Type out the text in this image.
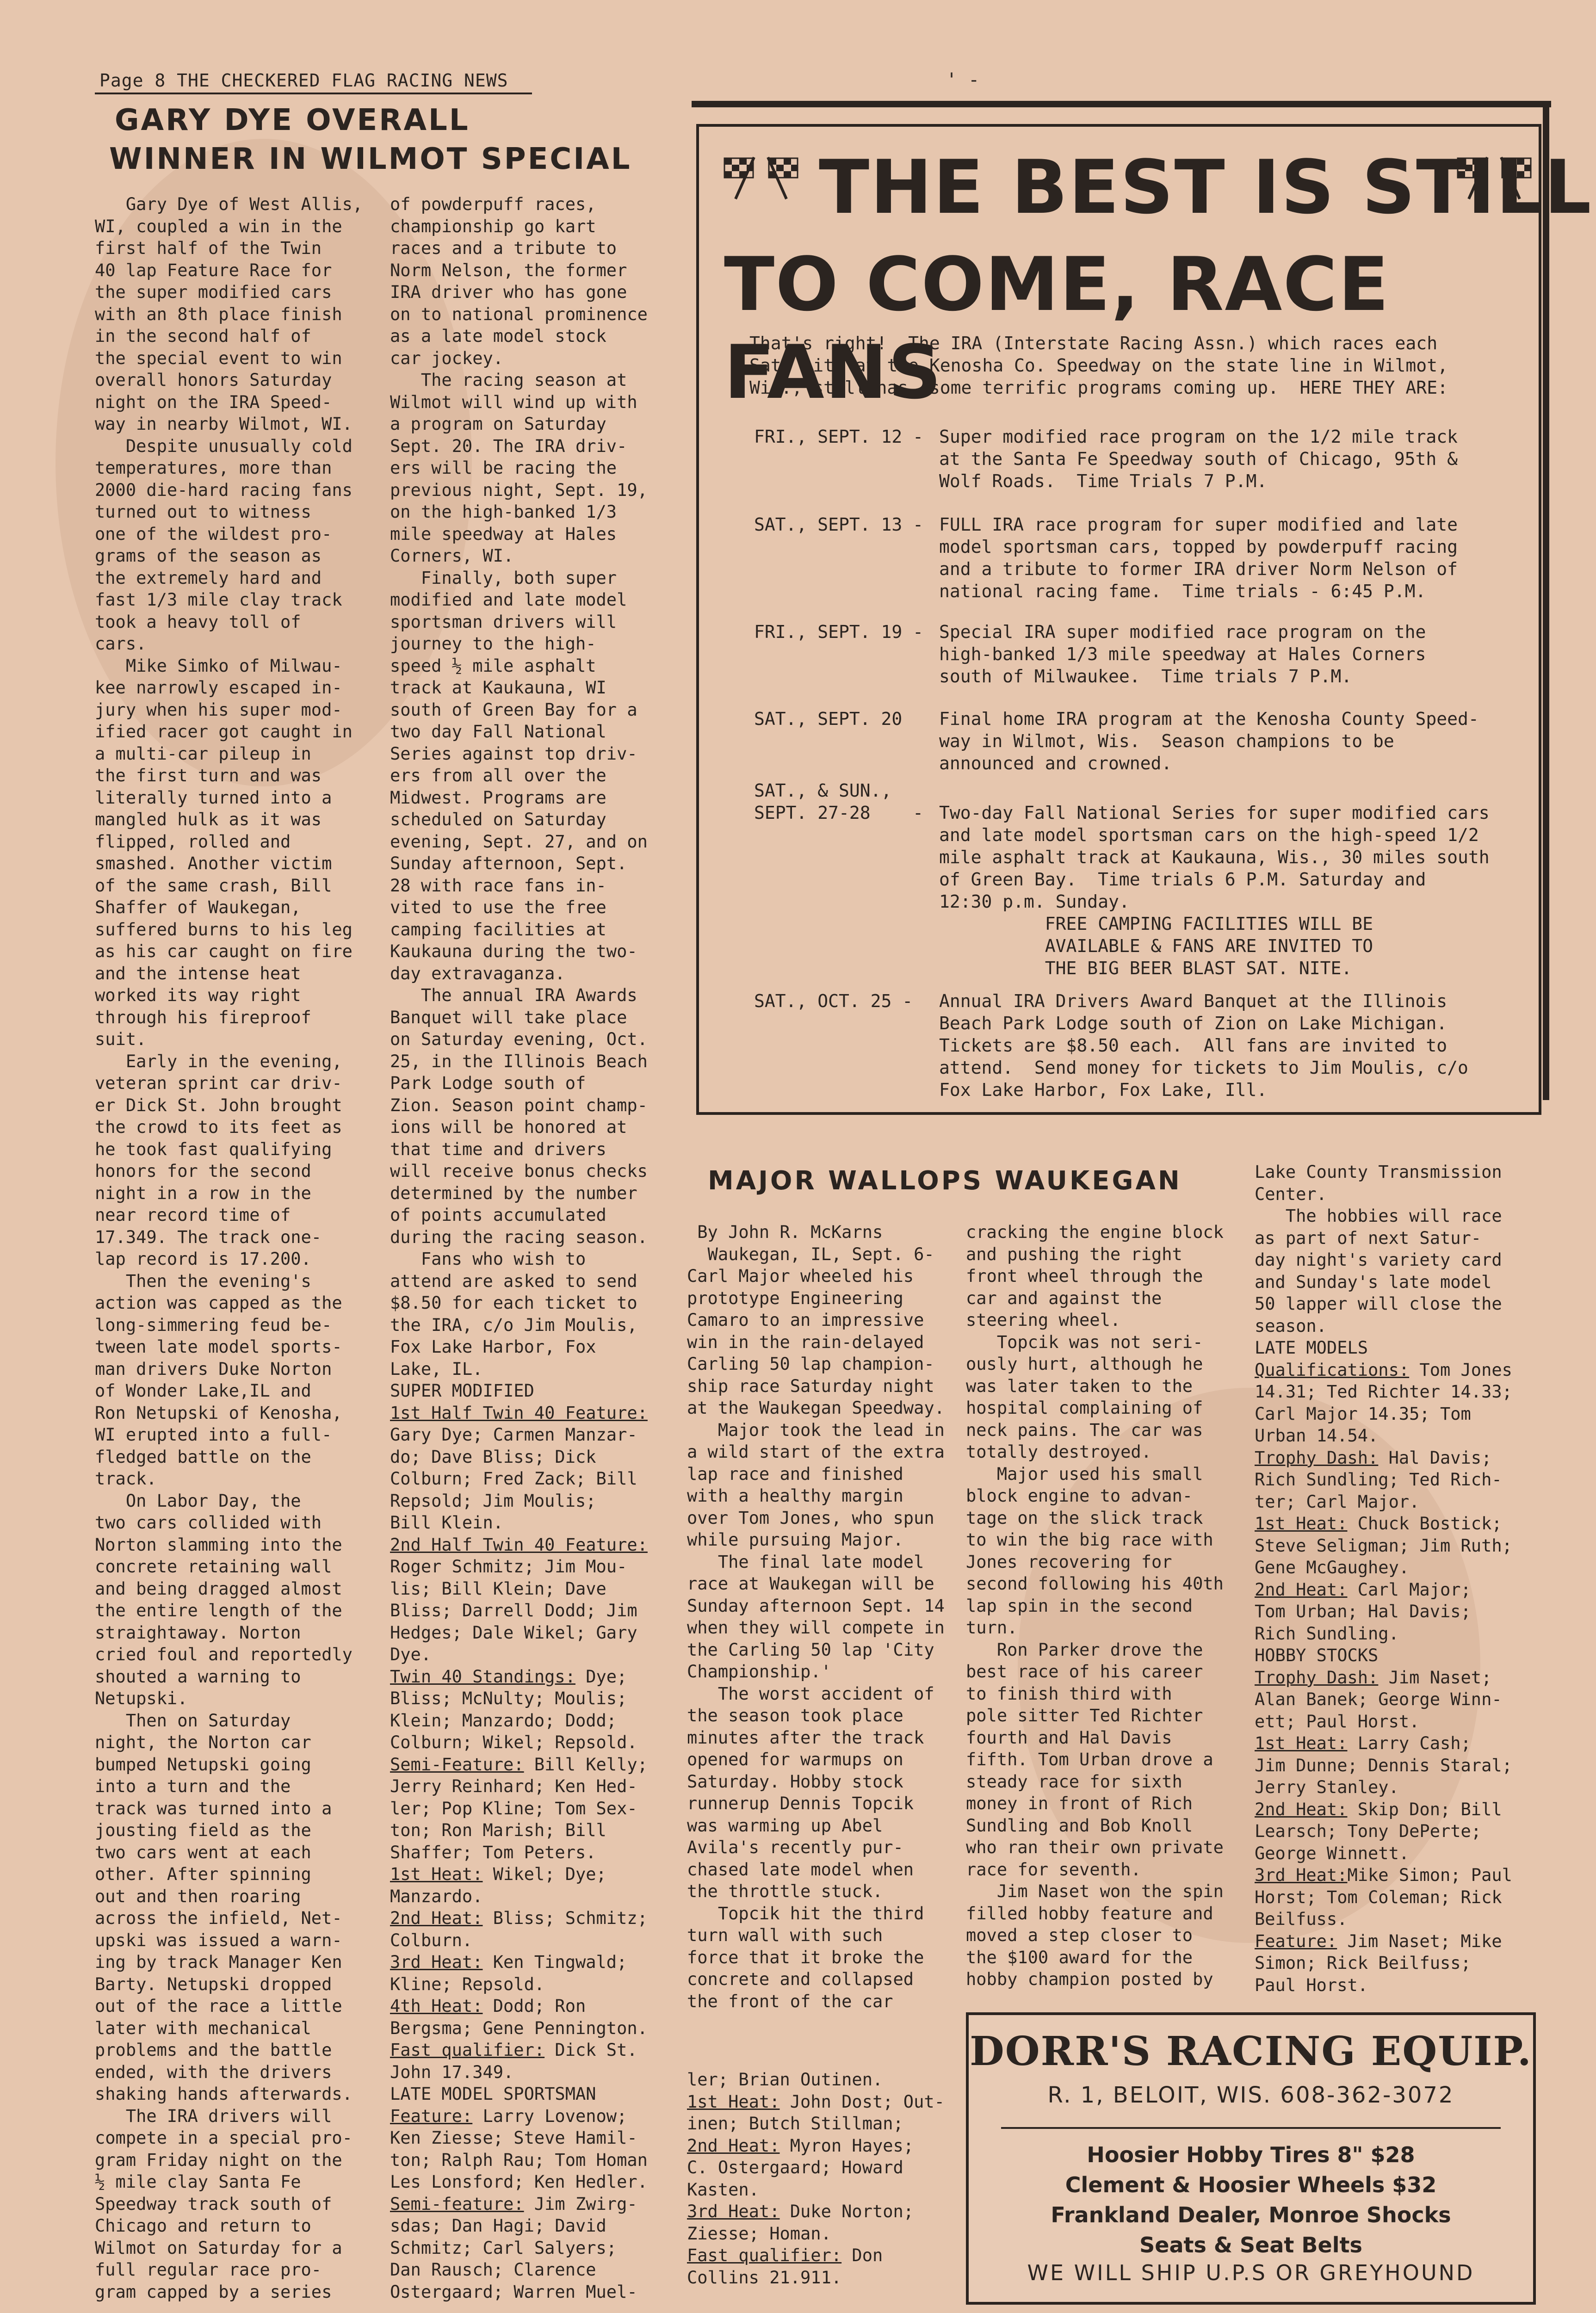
Page 8 THE CHECKERED FLAG RACING NEWS	' -
GARY DYE OVERALL
WINNER IN WILMOT SPECIAL
Gary Dye of West Allis,
WI, coupled a win in the
first half of the Twin
40 lap Feature Race for
the super modified cars
with an 8th place finish
in the second half of
the special event to win
overall honors Saturday
night on the IRA Speed-
way in nearby Wilmot, WI.
Despite unusually cold
temperatures, more than
2000 die-hard racing fans
turned out to witness
one of the wildest pro-
grams of the season as
the extremely hard and
fast 1/3 mile clay track
took a heavy toll of
cars.
Mike Simko of Milwau-
kee narrowly escaped in-
jury when his super mod-
ified racer got caught in
a multi-car pileup in
the first turn and was
literally turned into a
mangled hulk as it was
flipped, rolled and
smashed. Another victim
of the same crash, Bill
Shaffer of Waukegan,
suffered burns to his leg
as his car caught on fire
and the intense heat
worked its way right
through his fireproof
suit.
Early in the evening,
veteran sprint car driv-
er Dick St. John brought
the crowd to its feet as
he took fast qualifying
honors for the second
night in a row in the
near record time of
17.349. The track one-
lap record is 17.200.
Then the evening's
action was capped as the
long-simmering feud be-
tween late model sports-
man drivers Duke Norton
of Wonder Lake,IL and
Ron Netupski of Kenosha,
WI erupted into a full-
fledged battle on the
track.
On Labor Day, the
two cars collided with
Norton slamming into the
concrete retaining wall
and being dragged almost
the entire length of the
straightaway. Norton
cried foul and reportedly
shouted a warning to
Netupski.
Then on Saturday
night, the Norton car
bumped Netupski going
into a turn and the
track was turned into a
jousting field as the
two cars went at each
other. After spinning
out and then roaring
across the infield, Net-
upski was issued a warn-
ing by track Manager Ken
Barty. Netupski dropped
out of the race a little
later with mechanical
problems and the battle
ended, with the drivers
shaking hands afterwards.
The IRA drivers will
compete in a special pro-
gram Friday night on the
½ mile clay Santa Fe
Speedway track south of
Chicago and return to
Wilmot on Saturday for a
full regular race pro-
gram capped by a series
of powderpuff races,
championship go kart
races and a tribute to
Norm Nelson, the former
IRA driver who has gone
on to national prominence
as a late model stock
car jockey.
The racing season at
Wilmot will wind up with
a program on Saturday
Sept. 20. The IRA driv-
ers will be racing the
previous night, Sept. 19,
on the high-banked 1/3
mile speedway at Hales
Corners, WI.
Finally, both super
modified and late model
sportsman drivers will
journey to the high-
speed ½ mile asphalt
track at Kaukauna, WI
south of Green Bay for a
two day Fall National
Series against top driv-
ers from all over the
Midwest. Programs are
scheduled on Saturday
evening, Sept. 27, and on
Sunday afternoon, Sept.
28 with race fans in-
vited to use the free
camping facilities at
Kaukauna during the two-
day extravaganza.
The annual IRA Awards
Banquet will take place
on Saturday evening, Oct.
25, in the Illinois Beach
Park Lodge south of
Zion. Season point champ-
ions will be honored at
that time and drivers
will receive bonus checks
determined by the number
of points accumulated
during the racing season.
Fans who wish to
attend are asked to send
$8.50 for each ticket to
the IRA, c/o Jim Moulis,
Fox Lake Harbor, Fox
Lake, IL.
SUPER MODIFIED
1st Half Twin 40 Feature:
Gary Dye; Carmen Manzar-
do; Dave Bliss; Dick
Colburn; Fred Zack; Bill
Repsold; Jim Moulis;
Bill Klein.
2nd Half Twin 40 Feature:
Roger Schmitz; Jim Mou-
lis; Bill Klein; Dave
Bliss; Darrell Dodd; Jim
Hedges; Dale Wikel; Gary
Dye.
Twin 40 Standings: Dye;
Bliss; McNulty; Moulis;
Klein; Manzardo; Dodd;
Colburn; Wikel; Repsold.
Semi-Feature: Bill Kelly;
Jerry Reinhard; Ken Hed-
ler; Pop Kline; Tom Sex-
ton; Ron Marish; Bill
Shaffer; Tom Peters.
1st Heat: Wikel; Dye;
Manzardo.
2nd Heat: Bliss; Schmitz;
Colburn.
3rd Heat: Ken Tingwald;
Kline; Repsold.
4th Heat: Dodd; Ron
Bergsma; Gene Pennington.
Fast qualifier: Dick St.
John 17.349.
LATE MODEL SPORTSMAN
Feature: Larry Lovenow;
Ken Ziesse; Steve Hamil-
ton; Ralph Rau; Tom Homan
Les Lonsford; Ken Hedler.
Semi-feature: Jim Zwirg-
sdas; Dan Hagi; David
Schmitz; Carl Salyers;
Dan Rausch; Clarence
Ostergaard; Warren Muel-
THE BEST IS STILL
TO COME, RACE FANS
That's right!  The IRA (Interstate Racing Assn.) which races each
Sat. nite at the Kenosha Co. Speedway on the state line in Wilmot,
Wis., still has  some terrific programs coming up.  HERE THEY ARE:
FRI., SEPT. 12 - Super modified race program on the 1/2 mile track
at the Santa Fe Speedway south of Chicago, 95th &
Wolf Roads.  Time Trials 7 P.M.
SAT., SEPT. 13 - FULL IRA race program for super modified and late
model sportsman cars, topped by powderpuff racing
and a tribute to former IRA driver Norm Nelson of
national racing fame.  Time trials - 6:45 P.M.
FRI., SEPT. 19 - Special IRA super modified race program on the
high-banked 1/3 mile speedway at Hales Corners
south of Milwaukee.  Time trials 7 P.M.
SAT., SEPT. 20 Final home IRA program at the Kenosha County Speed-
way in Wilmot, Wis.  Season champions to be
announced and crowned.
SAT., & SUN.,
SEPT. 27-28    - Two-day Fall National Series for super modified cars
and late model sportsman cars on the high-speed 1/2
mile asphalt track at Kaukauna, Wis., 30 miles south
of Green Bay.  Time trials 6 P.M. Saturday and
12:30 p.m. Sunday.
FREE CAMPING FACILITIES WILL BE
AVAILABLE & FANS ARE INVITED TO
THE BIG BEER BLAST SAT. NITE.
SAT., OCT. 25 - Annual IRA Drivers Award Banquet at the Illinois
Beach Park Lodge south of Zion on Lake Michigan.
Tickets are $8.50 each.  All fans are invited to
attend.  Send money for tickets to Jim Moulis, c/o
Fox Lake Harbor, Fox Lake, Ill.
MAJOR WALLOPS WAUKEGAN
By John R. McKarns
Waukegan, IL, Sept. 6-
Carl Major wheeled his
prototype Engineering
Camaro to an impressive
win in the rain-delayed
Carling 50 lap champion-
ship race Saturday night
at the Waukegan Speedway.
Major took the lead in
a wild start of the extra
lap race and finished
with a healthy margin
over Tom Jones, who spun
while pursuing Major.
The final late model
race at Waukegan will be
Sunday afternoon Sept. 14
when they will compete in
the Carling 50 lap 'City
Championship.'
The worst accident of
the season took place
minutes after the track
opened for warmups on
Saturday. Hobby stock
runnerup Dennis Topcik
was warming up Abel
Avila's recently pur-
chased late model when
the throttle stuck.
Topcik hit the third
turn wall with such
force that it broke the
concrete and collapsed
the front of the car
ler; Brian Outinen.
1st Heat: John Dost; Out-
inen; Butch Stillman;
2nd Heat: Myron Hayes;
C. Ostergaard; Howard
Kasten.
3rd Heat: Duke Norton;
Ziesse; Homan.
Fast qualifier: Don
Collins 21.911.
cracking the engine block
and pushing the right
front wheel through the
car and against the
steering wheel.
Topcik was not seri-
ously hurt, although he
was later taken to the
hospital complaining of
neck pains. The car was
totally destroyed.
Major used his small
block engine to advan-
tage on the slick track
to win the big race with
Jones recovering for
second following his 40th
lap spin in the second
turn.
Ron Parker drove the
best race of his career
to finish third with
pole sitter Ted Richter
fourth and Hal Davis
fifth. Tom Urban drove a
steady race for sixth
money in front of Rich
Sundling and Bob Knoll
who ran their own private
race for seventh.
Jim Naset won the spin
filled hobby feature and
moved a step closer to
the $100 award for the
hobby champion posted by
Lake County Transmission
Center.
The hobbies will race
as part of next Satur-
day night's variety card
and Sunday's late model
50 lapper will close the
season.
LATE MODELS
Qualifications: Tom Jones
14.31; Ted Richter 14.33;
Carl Major 14.35; Tom
Urban 14.54.
Trophy Dash: Hal Davis;
Rich Sundling; Ted Rich-
ter; Carl Major.
1st Heat: Chuck Bostick;
Steve Seligman; Jim Ruth;
Gene McGaughey.
2nd Heat: Carl Major;
Tom Urban; Hal Davis;
Rich Sundling.
HOBBY STOCKS
Trophy Dash: Jim Naset;
Alan Banek; George Winn-
ett; Paul Horst.
1st Heat: Larry Cash;
Jim Dunne; Dennis Staral;
Jerry Stanley.
2nd Heat: Skip Don; Bill
Learsch; Tony DePerte;
George Winnett.
3rd Heat:Mike Simon; Paul
Horst; Tom Coleman; Rick
Beilfuss.
Feature: Jim Naset; Mike
Simon; Rick Beilfuss;
Paul Horst.
DORR'S RACING EQUIP.
R. 1, BELOIT, WIS. 608-362-3072
Hoosier Hobby Tires 8" $28
Clement & Hoosier Wheels $32
Frankland Dealer, Monroe Shocks
Seats & Seat Belts
WE WILL SHIP U.P.S OR GREYHOUND
